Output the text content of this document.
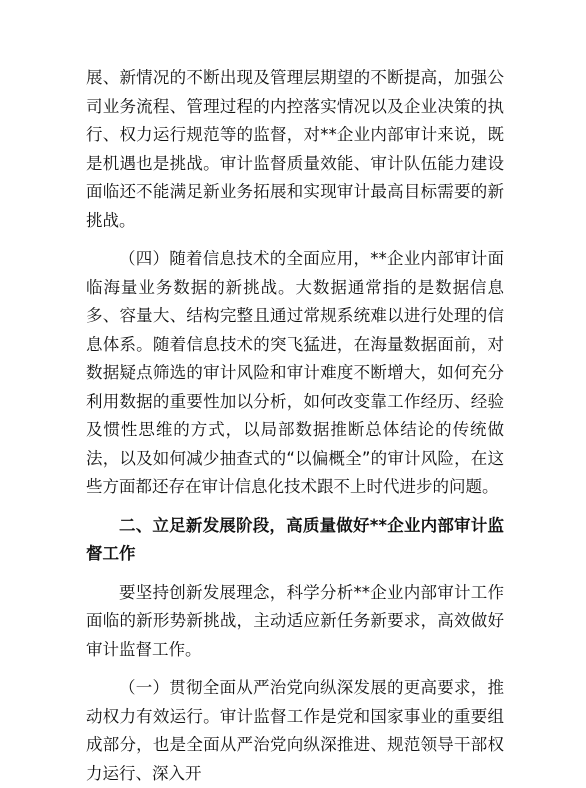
展、新情况的不断出现及管理层期望的不断提高，加强公司业务流程、管理过程的内控落实情况以及企业决策的执行、权力运行规范等的监督，对**企业内部审计来说，既是机遇也是挑战。审计监督质量效能、审计队伍能力建设面临还不能满足新业务拓展和实现审计最高目标需要的新挑战。

（四）随着信息技术的全面应用，**企业内部审计面临海量业务数据的新挑战。大数据通常指的是数据信息多、容量大、结构完整且通过常规系统难以进行处理的信息体系。随着信息技术的突飞猛进，在海量数据面前，对数据疑点筛选的审计风险和审计难度不断增大，如何充分利用数据的重要性加以分析，如何改变靠工作经历、经验及惯性思维的方式，以局部数据推断总体结论的传统做法，以及如何减少抽查式的“以偏概全”的审计风险，在这些方面都还存在审计信息化技术跟不上时代进步的问题。

二、立足新发展阶段，高质量做好**企业内部审计监督工作

要坚持创新发展理念，科学分析**企业内部审计工作面临的新形势新挑战，主动适应新任务新要求，高效做好审计监督工作。

（一）贯彻全面从严治党向纵深发展的更高要求，推动权力有效运行。审计监督工作是党和国家事业的重要组成部分，也是全面从严治党向纵深推进、规范领导干部权力运行、深入开
